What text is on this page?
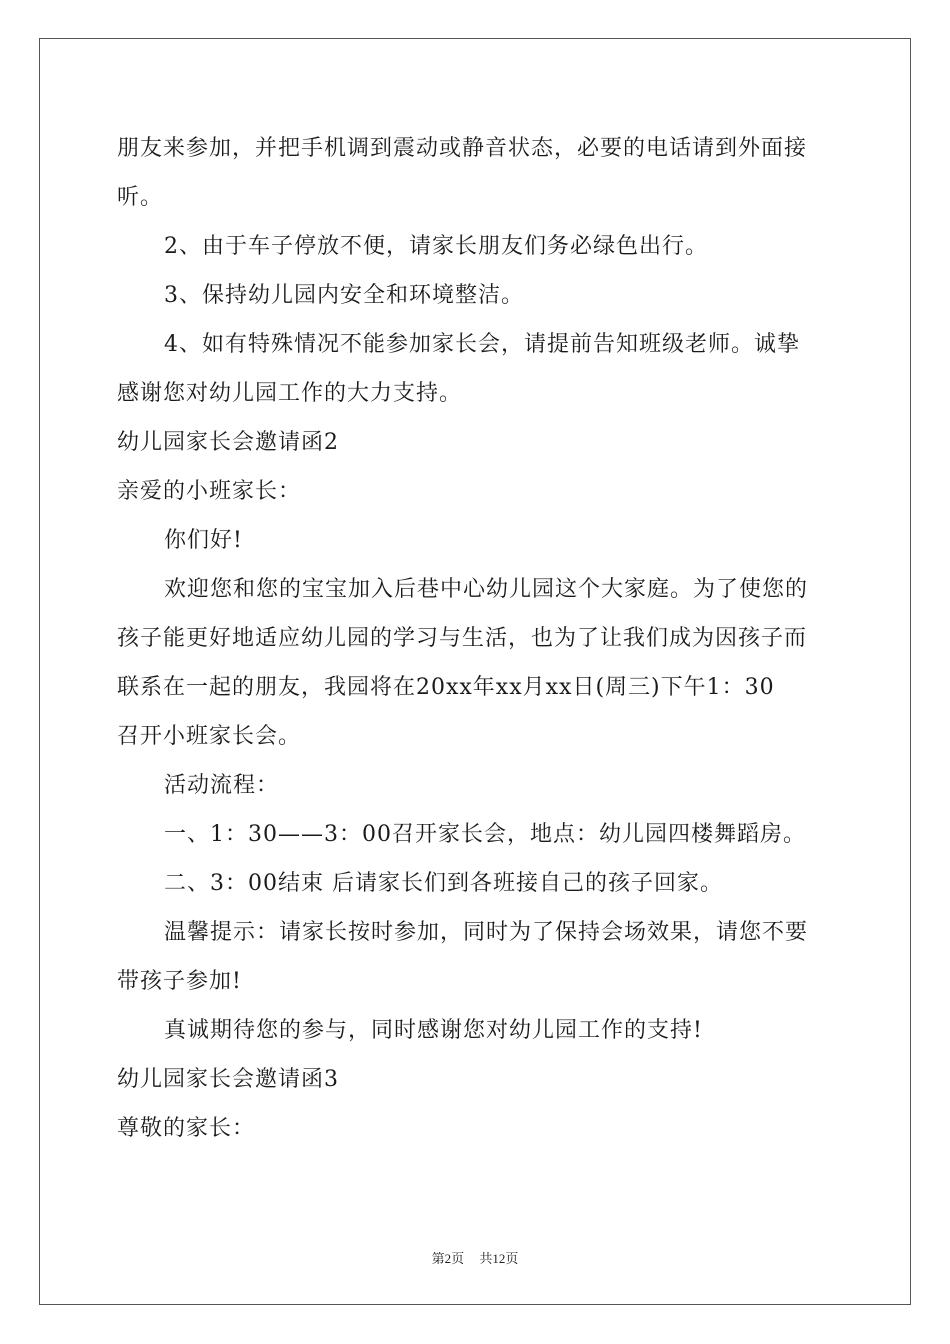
朋友来参加，并把手机调到震动或静音状态，必要的电话请到外面接
听。
2、由于车子停放不便，请家长朋友们务必绿色出行。
3、保持幼儿园内安全和环境整洁。
4、如有特殊情况不能参加家长会，请提前告知班级老师。诚挚
感谢您对幼儿园工作的大力支持。
幼儿园家长会邀请函2
亲爱的小班家长：
你们好!
欢迎您和您的宝宝加入后巷中心幼儿园这个大家庭。为了使您的
孩子能更好地适应幼儿园的学习与生活，也为了让我们成为因孩子而
联系在一起的朋友，我园将在20xx年xx月xx日(周三)下午1：30
召开小班家长会。
活动流程：
一、1：30——3：00召开家长会，地点：幼儿园四楼舞蹈房。
二、3：00结束 后请家长们到各班接自己的孩子回家。
温馨提示：请家长按时参加，同时为了保持会场效果，请您不要
带孩子参加!
真诚期待您的参与，同时感谢您对幼儿园工作的支持!
幼儿园家长会邀请函3
尊敬的家长：
第2页 共12页
